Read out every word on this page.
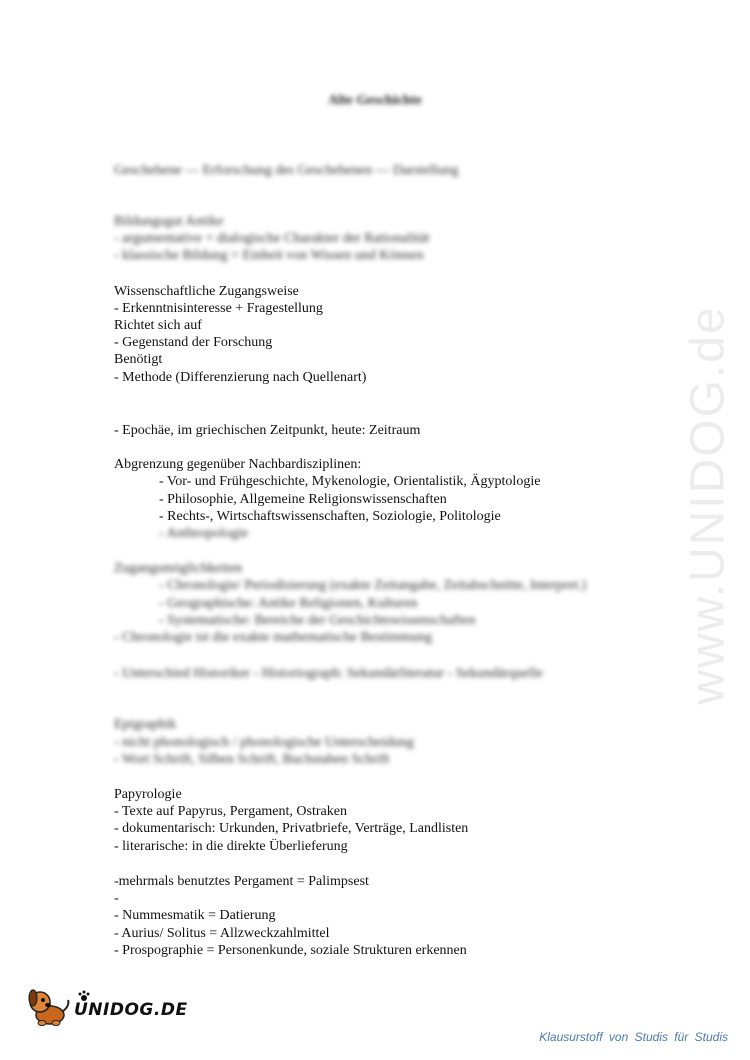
www.UNIDOG.de
Alte Geschichte
Geschehene — Erforschung des Geschehenen — Darstellung
Bildungsgut Antike
- argumentative + dialogische Charakter der Rationalität
- klassische Bildung = Einheit von Wissen und Können
Wissenschaftliche Zugangsweise
- Erkenntnisinteresse + Fragestellung
Richtet sich auf
- Gegenstand der Forschung
Benötigt
- Methode (Differenzierung nach Quellenart)
- Epochäe, im griechischen Zeitpunkt, heute: Zeitraum
Abgrenzung gegenüber Nachbardisziplinen:
- Vor- und Frühgeschichte, Mykenologie, Orientalistik, Ägyptologie
- Philosophie, Allgemeine Religionswissenschaften
- Rechts-, Wirtschaftswissenschaften, Soziologie, Politologie
- Anthropologie
Zugangsmöglichkeiten
- Chronologie/ Periodisierung (exakte Zeitangabe, Zeitabschnitte, Interpret.)
- Geographische: Antike Religionen, Kulturen
- Systematische: Bereiche der Geschichtswissenschaften
- Chronologie ist die exakte mathematische Bestimmung
- Unterschied Historiker - Historiograph: Sekundärliteratur - Sekundärquelle
Epigraphik
- nicht phonologisch / phonologische Unterscheidung
- Wort Schrift, Silben Schrift, Buchstaben Schrift
Papyrologie
- Texte auf Papyrus, Pergament, Ostraken
- dokumentarisch: Urkunden, Privatbriefe, Verträge, Landlisten
- literarische: in die direkte Überlieferung
-mehrmals benutztes Pergament = Palimpsest
-
- Nummesmatik = Datierung
- Aurius/ Solitus = Allzweckzahlmittel
- Prospographie = Personenkunde, soziale Strukturen erkennen
UNIDOG.DE
Klausurstoff von Studis für Studis
